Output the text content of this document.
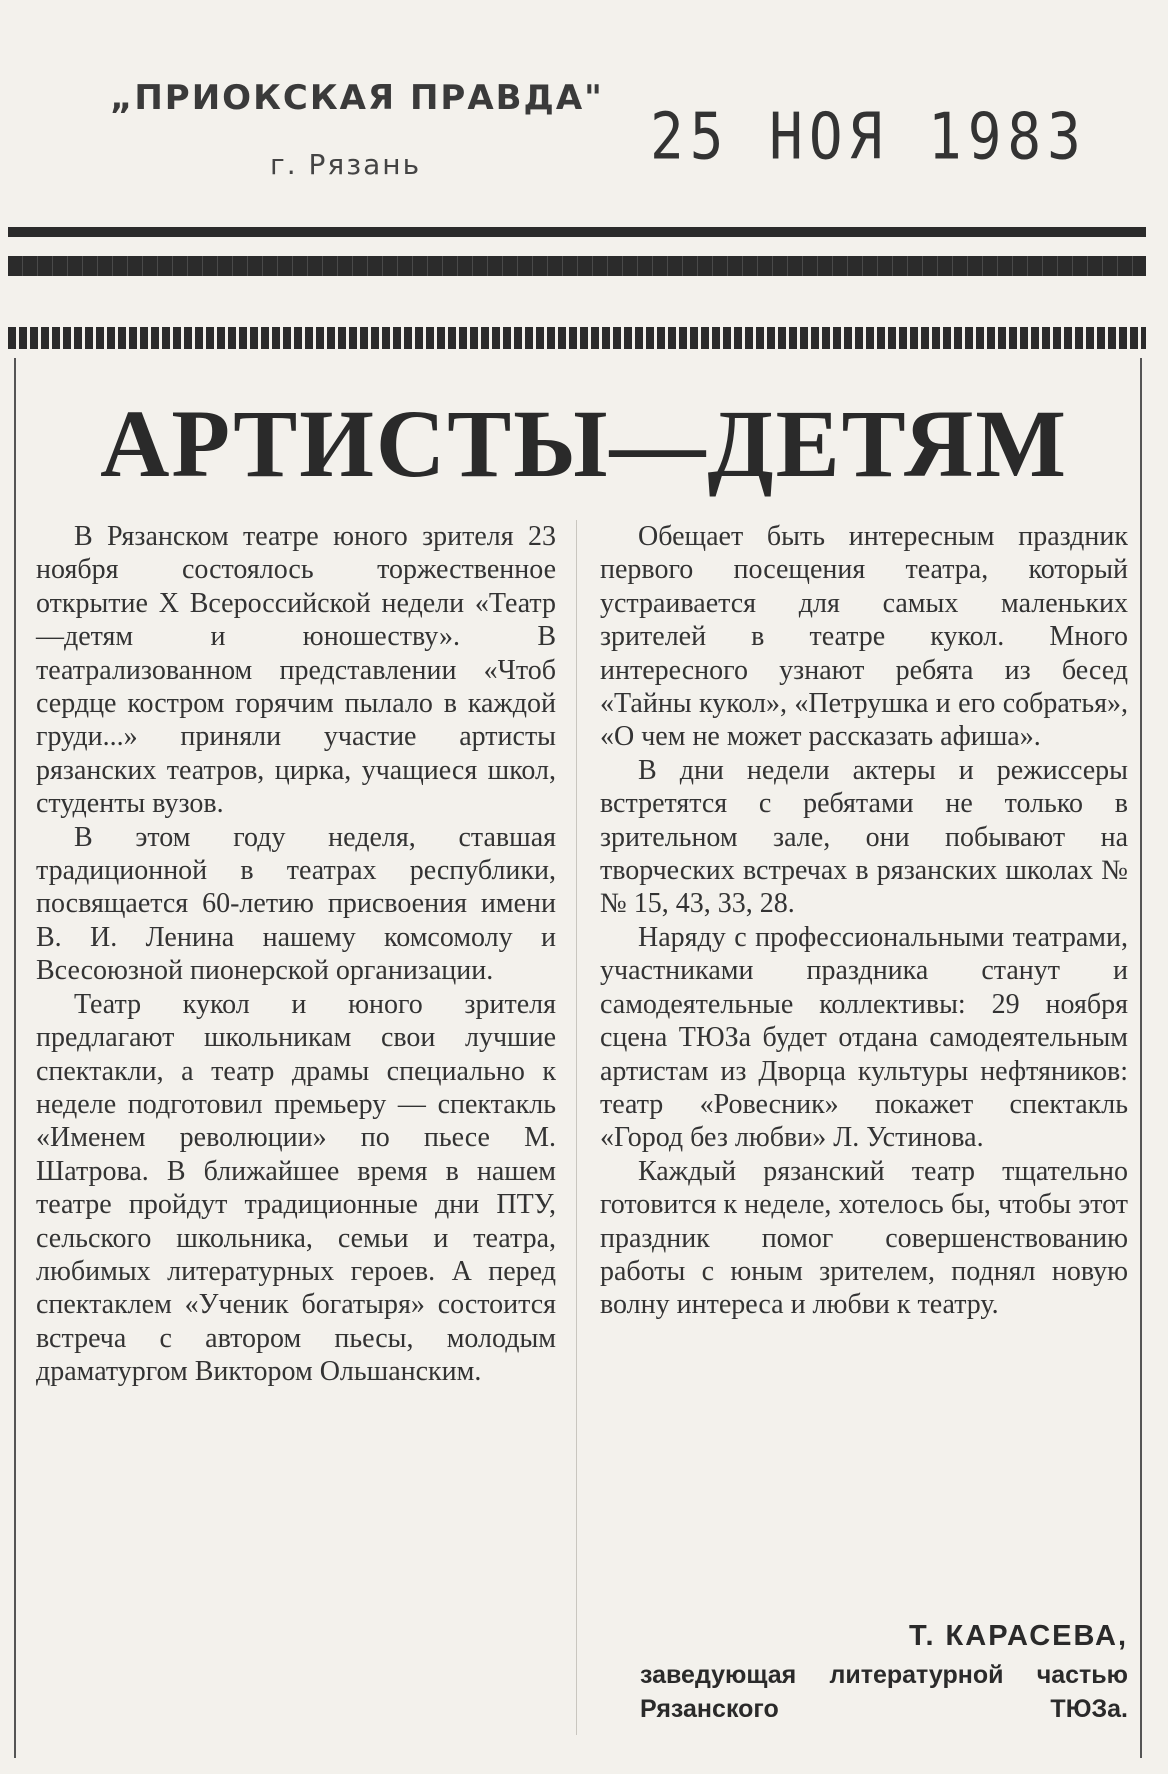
„ПРИОКСКАЯ ПРАВДА"
г. Рязань	25 НОЯ 1983
АРТИСТЫ—ДЕТЯМ

В Рязанском театре юного зрителя 23 ноября состоялось торжественное открытие X Всероссийской недели «Театр—детям и юношеству». В театрализованном представлении «Чтоб сердце костром горячим пылало в каждой груди...» приняли участие артисты рязанских театров, цирка, учащиеся школ, студенты вузов.

В этом году неделя, ставшая традиционной в театрах республики, посвящается 60-летию присвоения имени В. И. Ленина нашему комсомолу и Всесоюзной пионерской организации.

Театр кукол и юного зрителя предлагают школьникам свои лучшие спектакли, а театр драмы специально к неделе подготовил премьеру — спектакль «Именем революции» по пьесе М. Шатрова. В ближайшее время в нашем театре пройдут традиционные дни ПТУ, сельского школьника, семьи и театра, любимых литературных героев. А перед спектаклем «Ученик богатыря» состоится встреча с автором пьесы, молодым драматургом Виктором Ольшанским.

Обещает быть интересным праздник первого посещения театра, который устраивается для самых маленьких зрителей в театре кукол. Много интересного узнают ребята из бесед «Тайны кукол», «Петрушка и его собратья», «О чем не может рассказать афиша».

В дни недели актеры и режиссеры встретятся с ребятами не только в зрительном зале, они побывают на творческих встречах в рязанских школах №№ 15, 43, 33, 28.

Наряду с профессиональными театрами, участниками праздника станут и самодеятельные коллективы: 29 ноября сцена ТЮЗа будет отдана самодеятельным артистам из Дворца культуры нефтяников: театр «Ровесник» покажет спектакль «Город без любви» Л. Устинова.

Каждый рязанский театр тщательно готовится к неделе, хотелось бы, чтобы этот праздник помог совершенствованию работы с юным зрителем, поднял новую волну интереса и любви к театру.

Т. КАРАСЕВА,
заведующая литературной частью Рязанского ТЮЗа.
